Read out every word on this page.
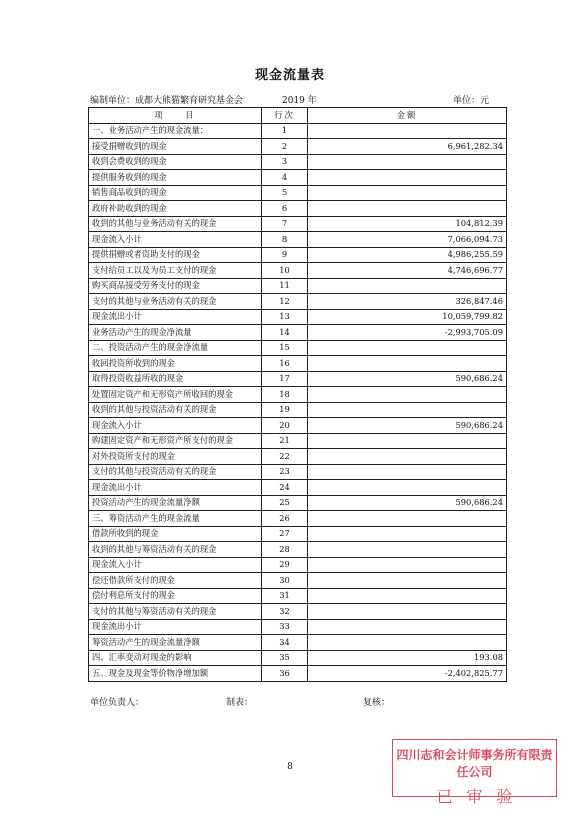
现金流量表
编制单位：成都大熊猫繁育研究基金会	2019 年	单位：元
项　　目	行次	金额
一、业务活动产生的现金流量：	1	
接受捐赠收到的现金	2	6,961,282.34
收到会费收到的现金	3	
提供服务收到的现金	4	
销售商品收到的现金	5	
政府补助收到的现金	6	
收到的其他与业务活动有关的现金	7	104,812.39
现金流入小计	8	7,066,094.73
提供捐赠或者资助支付的现金	9	4,986,255.59
支付给员工以及为员工支付的现金	10	4,746,696.77
购买商品接受劳务支付的现金	11	
支付的其他与业务活动有关的现金	12	326,847.46
现金流出小计	13	10,059,799.82
业务活动产生的现金净流量	14	-2,993,705.09
二、投资活动产生的现金净流量	15	
收回投资所收到的现金	16	
取得投资收益所收的现金	17	590,686.24
处置固定资产和无形资产所收回的现金	18	
收到的其他与投资活动有关的现金	19	
现金流入小计	20	590,686.24
购建固定资产和无形资产所支付的现金	21	
对外投资所支付的现金	22	
支付的其他与投资活动有关的现金	23	
现金流出小计	24	
投资活动产生的现金流量净额	25	590,686.24
三、筹资活动产生的现金流量	26	
借款所收到的现金	27	
收到的其他与筹资活动有关的现金	28	
现金流入小计	29	
偿还借款所支付的现金	30	
偿付利息所支付的现金	31	
支付的其他与筹资活动有关的现金	32	
现金流出小计	33	
筹资活动产生的现金流量净额	34	
四、汇率变动对现金的影响	35	193.08
五、现金及现金等价物净增加额	36	-2,402,825.77
单位负责人：	制表：	复核：
8
四川志和会计师事务所有限责任公司
已审验
